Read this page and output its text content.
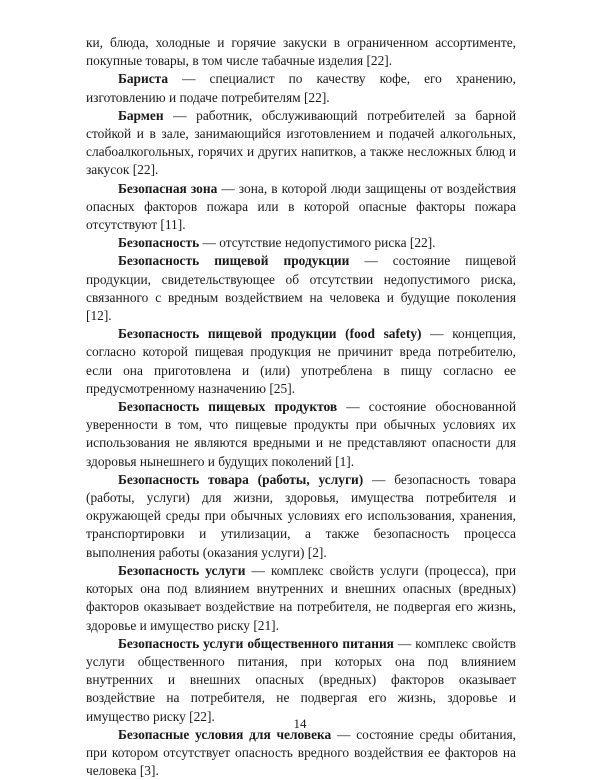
ки, блюда, холодные и горячие закуски в ограниченном ассортименте, покупные товары, в том числе табачные изделия [22].

Бариста — специалист по качеству кофе, его хранению, изготовлению и подаче потребителям [22].

Бармен — работник, обслуживающий потребителей за барной стойкой и в зале, занимающийся изготовлением и подачей алкогольных, слабоалкогольных, горячих и других напитков, а также несложных блюд и закусок [22].

Безопасная зона — зона, в которой люди защищены от воздействия опасных факторов пожара или в которой опасные факторы пожара отсутствуют [11].

Безопасность — отсутствие недопустимого риска [22].

Безопасность пищевой продукции — состояние пищевой продукции, свидетельствующее об отсутствии недопустимого риска, связанного с вредным воздействием на человека и будущие поколения [12].

Безопасность пищевой продукции (food safety) — концепция, согласно которой пищевая продукция не причинит вреда потребителю, если она приготовлена и (или) употреблена в пищу согласно ее предусмотренному назначению [25].

Безопасность пищевых продуктов — состояние обоснованной уверенности в том, что пищевые продукты при обычных условиях их использования не являются вредными и не представляют опасности для здоровья нынешнего и будущих поколений [1].

Безопасность товара (работы, услуги) — безопасность товара (работы, услуги) для жизни, здоровья, имущества потребителя и окружающей среды при обычных условиях его использования, хранения, транспортировки и утилизации, а также безопасность процесса выполнения работы (оказания услуги) [2].

Безопасность услуги — комплекс свойств услуги (процесса), при которых она под влиянием внутренних и внешних опасных (вредных) факторов оказывает воздействие на потребителя, не подвергая его жизнь, здоровье и имущество риску [21].

Безопасность услуги общественного питания — комплекс свойств услуги общественного питания, при которых она под влиянием внутренних и внешних опасных (вредных) факторов оказывает воздействие на потребителя, не подвергая его жизнь, здоровье и имущество риску [22].

Безопасные условия для человека — состояние среды обитания, при котором отсутствует опасность вредного воздействия ее факторов на человека [3].

14
